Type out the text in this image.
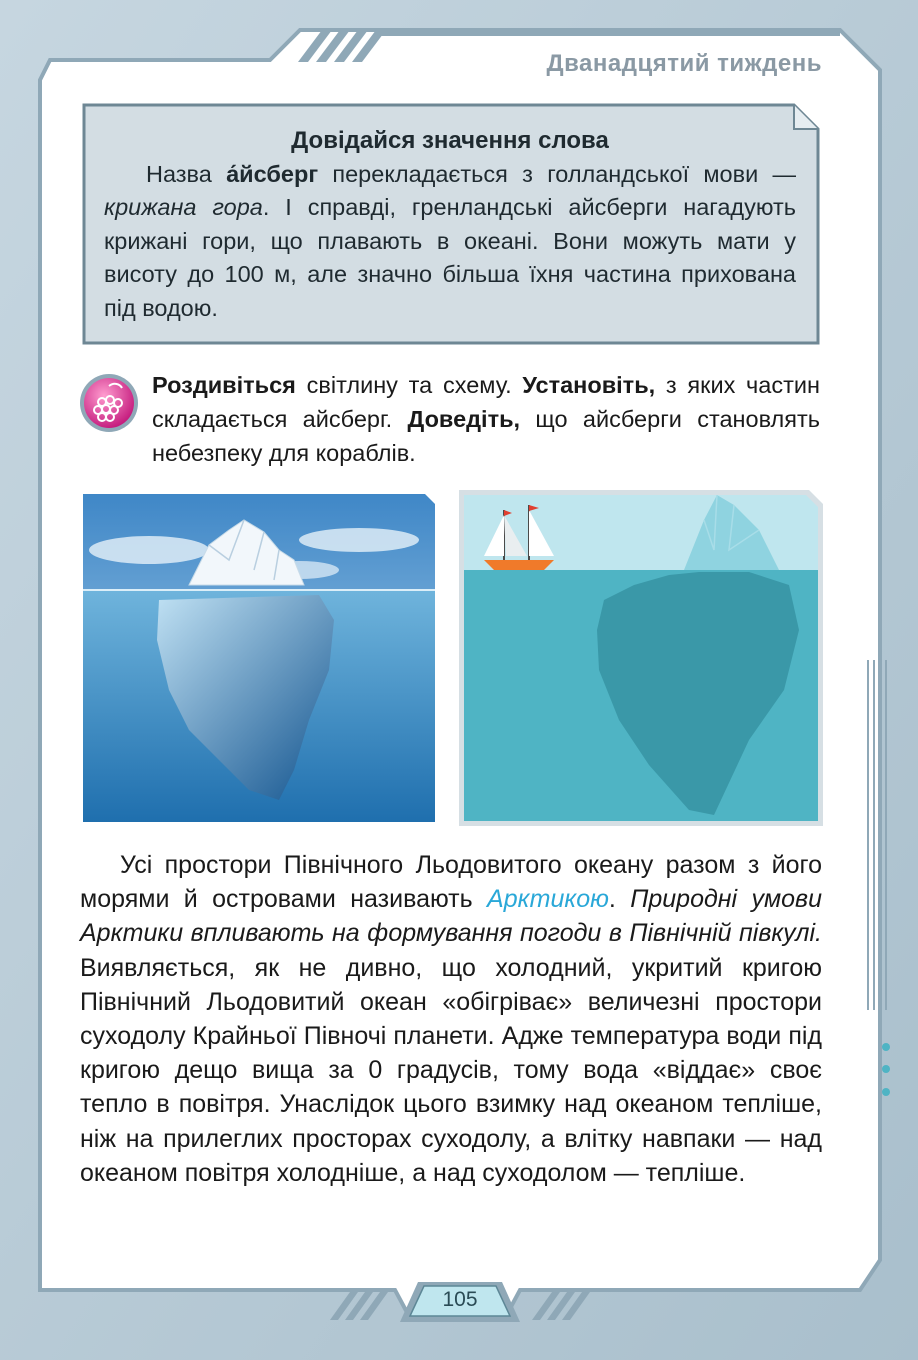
Дванадцятий тиждень
Довідайся значення слова

Назва а́йсберг перекладається з голландської мови — крижана гора. І справді, гренландські айсберги нагадують крижані гори, що плавають в океані. Вони можуть мати у висоту до 100 м, але значно більша їхня частина прихована під водою.

Роздивіться світлину та схему. Установіть, з яких частин складається айсберг. Доведіть, що айсберги становлять небезпеку для кораблів.

Усі простори Північного Льодовитого океану разом з його морями й островами називають Арктикою. Природні умови Арктики впливають на формування погоди в Північній півкулі. Виявляється, як не дивно, що холодний, укритий кригою Північний Льодовитий океан «обігріває» величезні простори суходолу Крайньої Півночі планети. Адже температура води під кригою дещо вища за 0 градусів, тому вода «віддає» своє тепло в повітря. Унаслідок цього взимку над океаном тепліше, ніж на прилеглих просторах суходолу, а влітку навпаки — над океаном повітря холодніше, а над суходолом — тепліше.

105
